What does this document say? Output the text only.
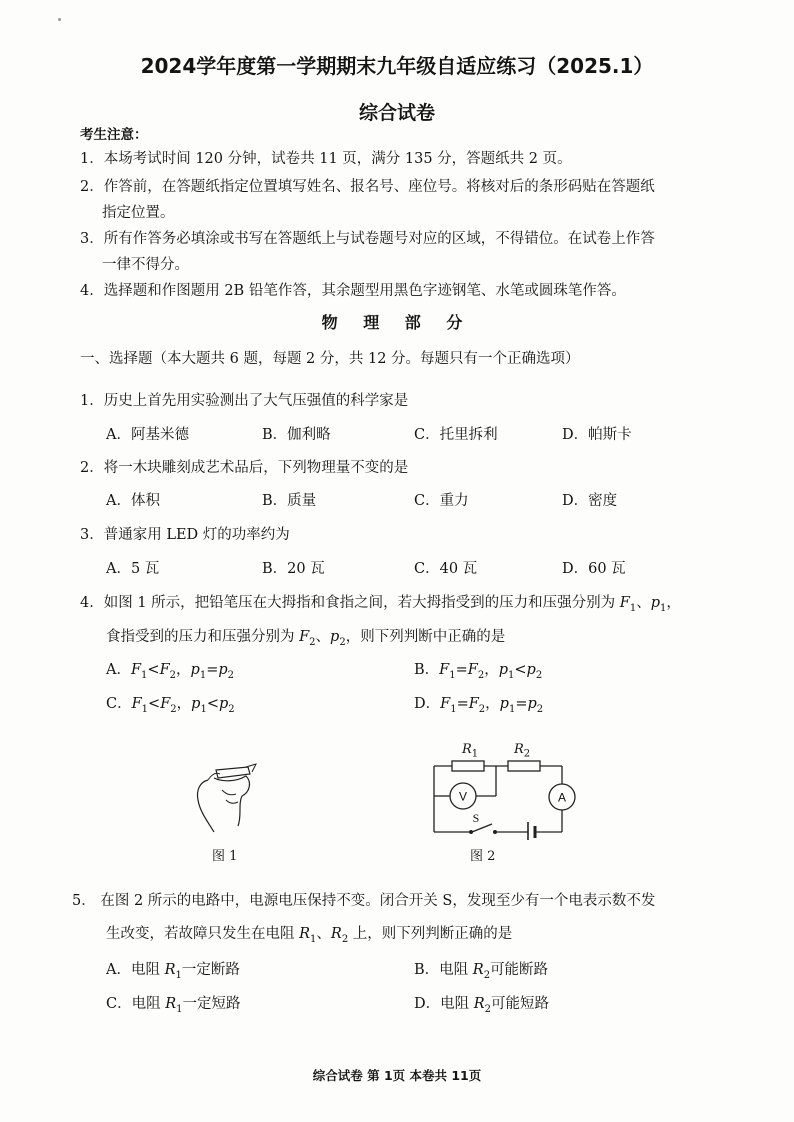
2024学年度第一学期期末九年级自适应练习（2025.1）
综合试卷
考生注意：
1．本场考试时间 120 分钟，试卷共 11 页，满分 135 分，答题纸共 2 页。
2．作答前，在答题纸指定位置填写姓名、报名号、座位号。将核对后的条形码贴在答题纸
指定位置。
3．所有作答务必填涂或书写在答题纸上与试卷题号对应的区域，不得错位。在试卷上作答
一律不得分。
4．选择题和作图题用 2B 铅笔作答，其余题型用黑色字迹钢笔、水笔或圆珠笔作答。
物 理 部 分
一、选择题（本大题共 6 题，每题 2 分，共 12 分。每题只有一个正确选项）
1．历史上首先用实验测出了大气压强值的科学家是
A．阿基米德	B．伽利略	C．托里拆利	D．帕斯卡
2．将一木块雕刻成艺术品后，下列物理量不变的是
A．体积	B．质量	C．重力	D．密度
3．普通家用 LED 灯的功率约为
A．5 瓦	B．20 瓦	C．40 瓦	D．60 瓦
4．如图 1 所示，把铅笔压在大拇指和食指之间，若大拇指受到的压力和压强分别为 $F_1$、$p_1$，
食指受到的压力和压强分别为 $F_2$、$p_2$，则下列判断中正确的是
A．$F_1<F_2$，$p_1=p_2$	B．$F_1=F_2$，$p_1<p_2$
C．$F_1<F_2$，$p_1<p_2$	D．$F_1=F_2$，$p_1=p_2$
图 1
V	A
S
$R_1$	$R_2$
图 2
5． 在图 2 所示的电路中，电源电压保持不变。闭合开关 S，发现至少有一个电表示数不发
生改变，若故障只发生在电阻 $R_1$、$R_2$ 上，则下列判断正确的是
A．电阻 $R_1$一定断路	B．电阻 $R_2$可能断路
C．电阻 $R_1$一定短路	D．电阻 $R_2$可能短路
综合试卷 第 1页 本卷共 11页
